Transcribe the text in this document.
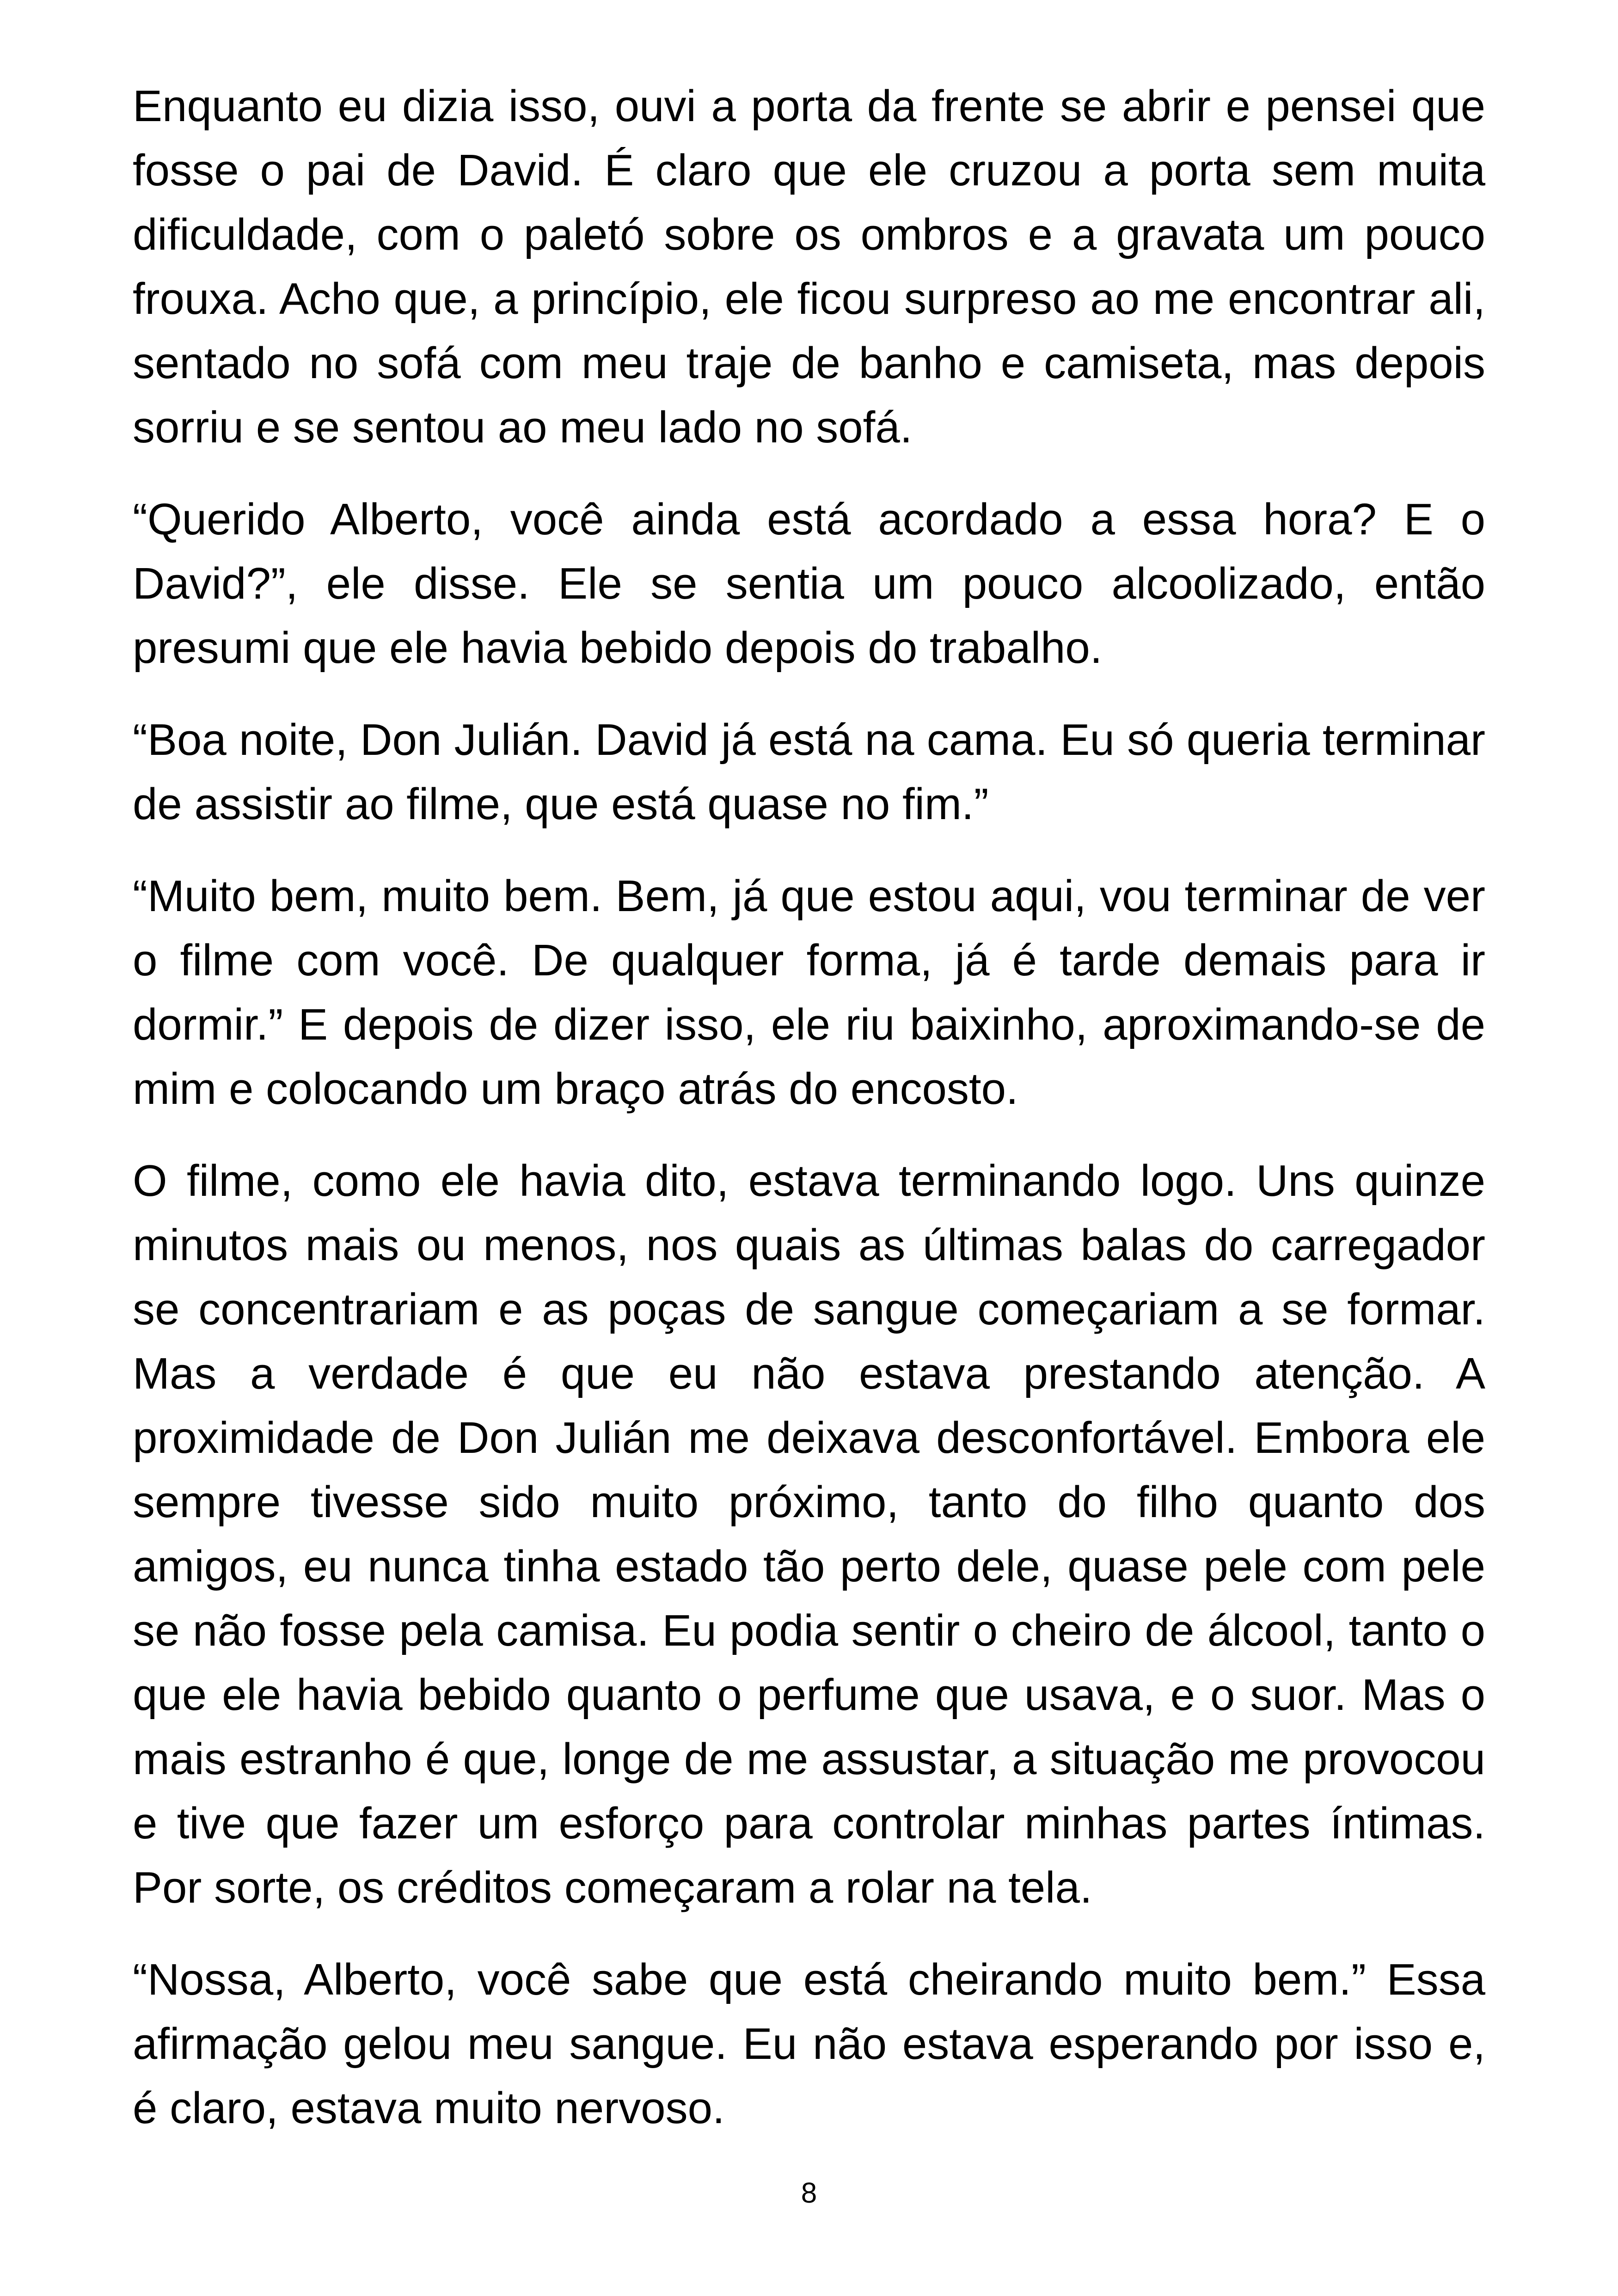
Enquanto eu dizia isso, ouvi a porta da frente se abrir e pensei que fosse o pai de David. É claro que ele cruzou a porta sem muita dificuldade, com o paletó sobre os ombros e a gravata um pouco frouxa. Acho que, a princípio, ele ficou surpreso ao me encontrar ali, sentado no sofá com meu traje de banho e camiseta, mas depois sorriu e se sentou ao meu lado no sofá.

“Querido Alberto, você ainda está acordado a essa hora? E o David?”, ele disse. Ele se sentia um pouco alcoolizado, então presumi que ele havia bebido depois do trabalho.

“Boa noite, Don Julián. David já está na cama. Eu só queria terminar de assistir ao filme, que está quase no fim.”

“Muito bem, muito bem. Bem, já que estou aqui, vou terminar de ver o filme com você. De qualquer forma, já é tarde demais para ir dormir.” E depois de dizer isso, ele riu baixinho, aproximando-se de mim e colocando um braço atrás do encosto.

O filme, como ele havia dito, estava terminando logo. Uns quinze minutos mais ou menos, nos quais as últimas balas do carregador se concentrariam e as poças de sangue começariam a se formar. Mas a verdade é que eu não estava prestando atenção. A proximidade de Don Julián me deixava desconfortável. Embora ele sempre tivesse sido muito próximo, tanto do filho quanto dos amigos, eu nunca tinha estado tão perto dele, quase pele com pele se não fosse pela camisa. Eu podia sentir o cheiro de álcool, tanto o que ele havia bebido quanto o perfume que usava, e o suor. Mas o mais estranho é que, longe de me assustar, a situação me provocou e tive que fazer um esforço para controlar minhas partes íntimas. Por sorte, os créditos começaram a rolar na tela.

“Nossa, Alberto, você sabe que está cheirando muito bem.” Essa afirmação gelou meu sangue. Eu não estava esperando por isso e, é claro, estava muito nervoso.

8
